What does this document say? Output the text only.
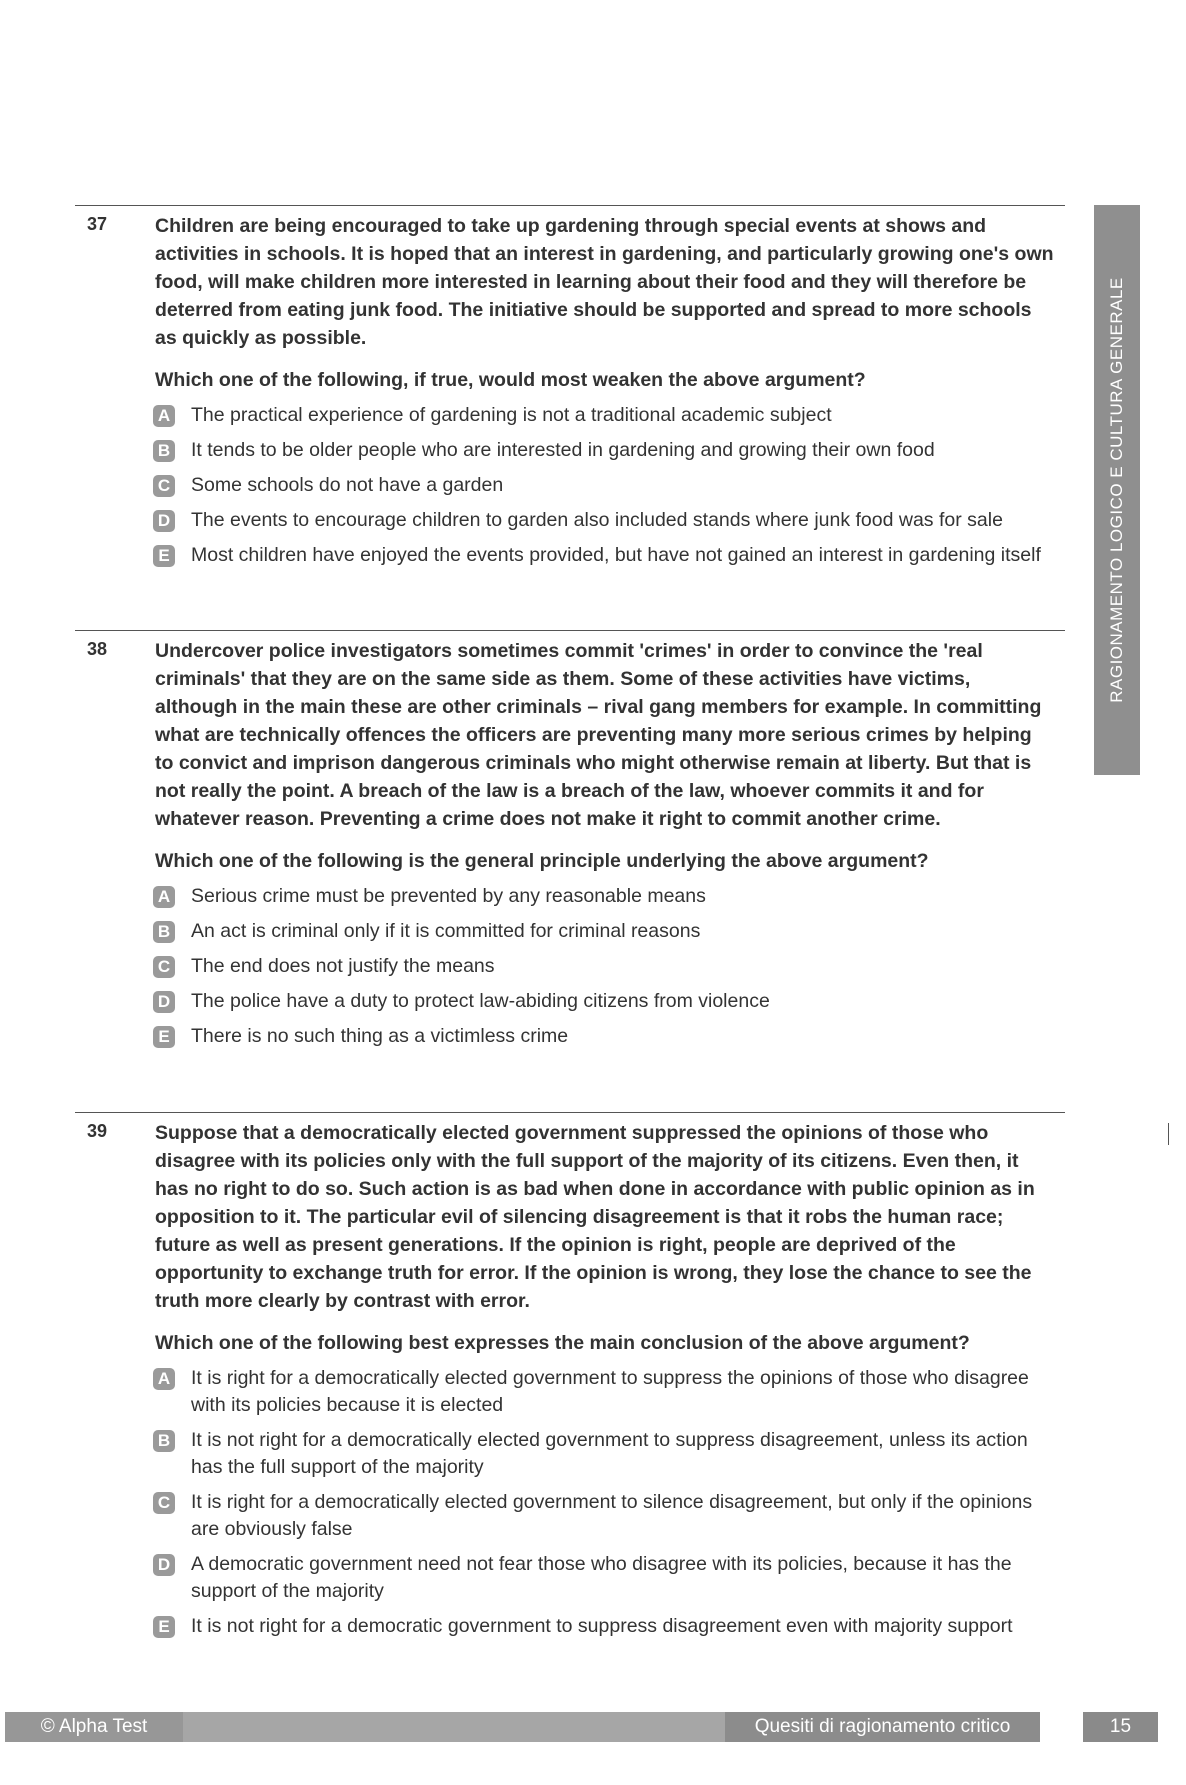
37 Children are being encouraged to take up gardening through special events at shows and activities in schools. It is hoped that an interest in gardening, and particularly growing one's own food, will make children more interested in learning about their food and they will therefore be deterred from eating junk food. The initiative should be supported and spread to more schools as quickly as possible.
Which one of the following, if true, would most weaken the above argument?
A The practical experience of gardening is not a traditional academic subject
B It tends to be older people who are interested in gardening and growing their own food
C Some schools do not have a garden
D The events to encourage children to garden also included stands where junk food was for sale
E Most children have enjoyed the events provided, but have not gained an interest in gardening itself
38 Undercover police investigators sometimes commit 'crimes' in order to convince the 'real criminals' that they are on the same side as them. Some of these activities have victims, although in the main these are other criminals – rival gang members for example. In committing what are technically offences the officers are preventing many more serious crimes by helping to convict and imprison dangerous criminals who might otherwise remain at liberty. But that is not really the point. A breach of the law is a breach of the law, whoever commits it and for whatever reason. Preventing a crime does not make it right to commit another crime.
Which one of the following is the general principle underlying the above argument?
A Serious crime must be prevented by any reasonable means
B An act is criminal only if it is committed for criminal reasons
C The end does not justify the means
D The police have a duty to protect law-abiding citizens from violence
E There is no such thing as a victimless crime
39 Suppose that a democratically elected government suppressed the opinions of those who disagree with its policies only with the full support of the majority of its citizens. Even then, it has no right to do so. Such action is as bad when done in accordance with public opinion as in opposition to it. The particular evil of silencing disagreement is that it robs the human race; future as well as present generations. If the opinion is right, people are deprived of the opportunity to exchange truth for error. If the opinion is wrong, they lose the chance to see the truth more clearly by contrast with error.
Which one of the following best expresses the main conclusion of the above argument?
A It is right for a democratically elected government to suppress the opinions of those who disagree with its policies because it is elected
B It is not right for a democratically elected government to suppress disagreement, unless its action has the full support of the majority
C It is right for a democratically elected government to silence disagreement, but only if the opinions are obviously false
D A democratic government need not fear those who disagree with its policies, because it has the support of the majority
E It is not right for a democratic government to suppress disagreement even with majority support
RAGIONAMENTO LOGICO E CULTURA GENERALE
© Alpha Test	Quesiti di ragionamento critico	15
